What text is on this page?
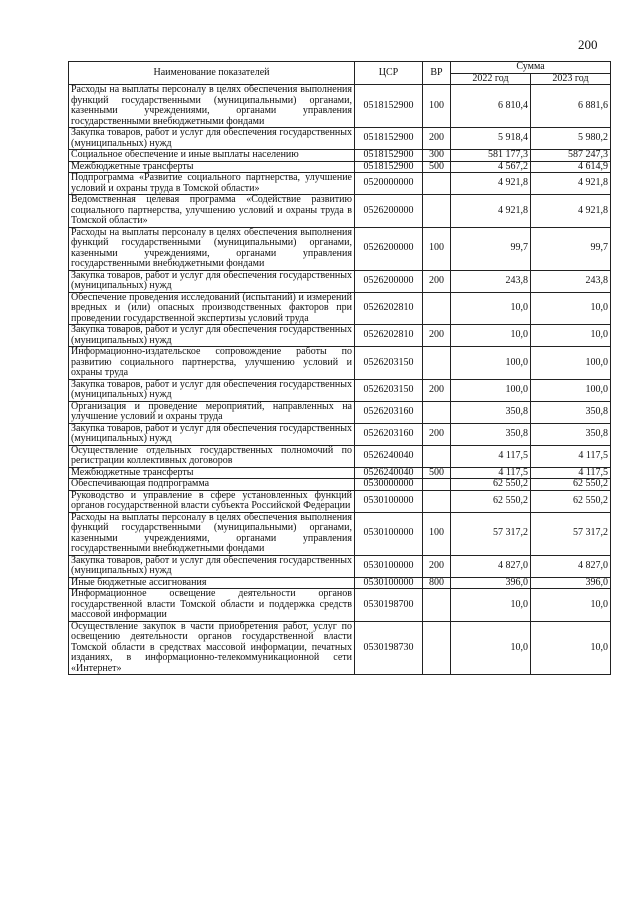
200
Наименование показателей	ЦСР	ВР	Сумма	
			2022 год	2023 год
Расходы на выплаты персоналу в целях обеспечения выполнения функций государственными (муниципальными) органами, казенными учреждениями, органами управления государственными внебюджетными фондами	0518152900	100	6 810,4	6 881,6
Закупка товаров, работ и услуг для обеспечения государственных (муниципальных) нужд	0518152900	200	5 918,4	5 980,2
Социальное обеспечение и иные выплаты населению	0518152900	300	581 177,3	587 247,3
Межбюджетные трансферты	0518152900	500	4 567,2	4 614,9
Подпрограмма «Развитие социального партнерства, улучшение условий и охраны труда в Томской области»	0520000000		4 921,8	4 921,8
Ведомственная целевая программа «Содействие развитию социального партнерства, улучшению условий и охраны труда в Томской области»	0526200000		4 921,8	4 921,8
Расходы на выплаты персоналу в целях обеспечения выполнения функций государственными (муниципальными) органами, казенными учреждениями, органами управления государственными внебюджетными фондами	0526200000	100	99,7	99,7
Закупка товаров, работ и услуг для обеспечения государственных (муниципальных) нужд	0526200000	200	243,8	243,8
Обеспечение проведения исследований (испытаний) и измерений вредных и (или) опасных производственных факторов при проведении государственной экспертизы условий труда	0526202810		10,0	10,0
Закупка товаров, работ и услуг для обеспечения государственных (муниципальных) нужд	0526202810	200	10,0	10,0
Информационно-издательское сопровождение работы по развитию социального партнерства, улучшению условий и охраны труда	0526203150		100,0	100,0
Закупка товаров, работ и услуг для обеспечения государственных (муниципальных) нужд	0526203150	200	100,0	100,0
Организация и проведение мероприятий, направленных на улучшение условий и охраны труда	0526203160		350,8	350,8
Закупка товаров, работ и услуг для обеспечения государственных (муниципальных) нужд	0526203160	200	350,8	350,8
Осуществление отдельных государственных полномочий по регистрации коллективных договоров	0526240040		4 117,5	4 117,5
Межбюджетные трансферты	0526240040	500	4 117,5	4 117,5
Обеспечивающая подпрограмма	0530000000		62 550,2	62 550,2
Руководство и управление в сфере установленных функций органов государственной власти субъекта Российской Федерации	0530100000		62 550,2	62 550,2
Расходы на выплаты персоналу в целях обеспечения выполнения функций государственными (муниципальными) органами, казенными учреждениями, органами управления государственными внебюджетными фондами	0530100000	100	57 317,2	57 317,2
Закупка товаров, работ и услуг для обеспечения государственных (муниципальных) нужд	0530100000	200	4 827,0	4 827,0
Иные бюджетные ассигнования	0530100000	800	396,0	396,0
Информационное освещение деятельности органов государственной власти Томской области и поддержка средств массовой информации	0530198700		10,0	10,0
Осуществление закупок в части приобретения работ, услуг по освещению деятельности органов государственной власти Томской области в средствах массовой информации, печатных изданиях, в информационно-телекоммуникационной сети «Интернет»	0530198730		10,0	10,0
